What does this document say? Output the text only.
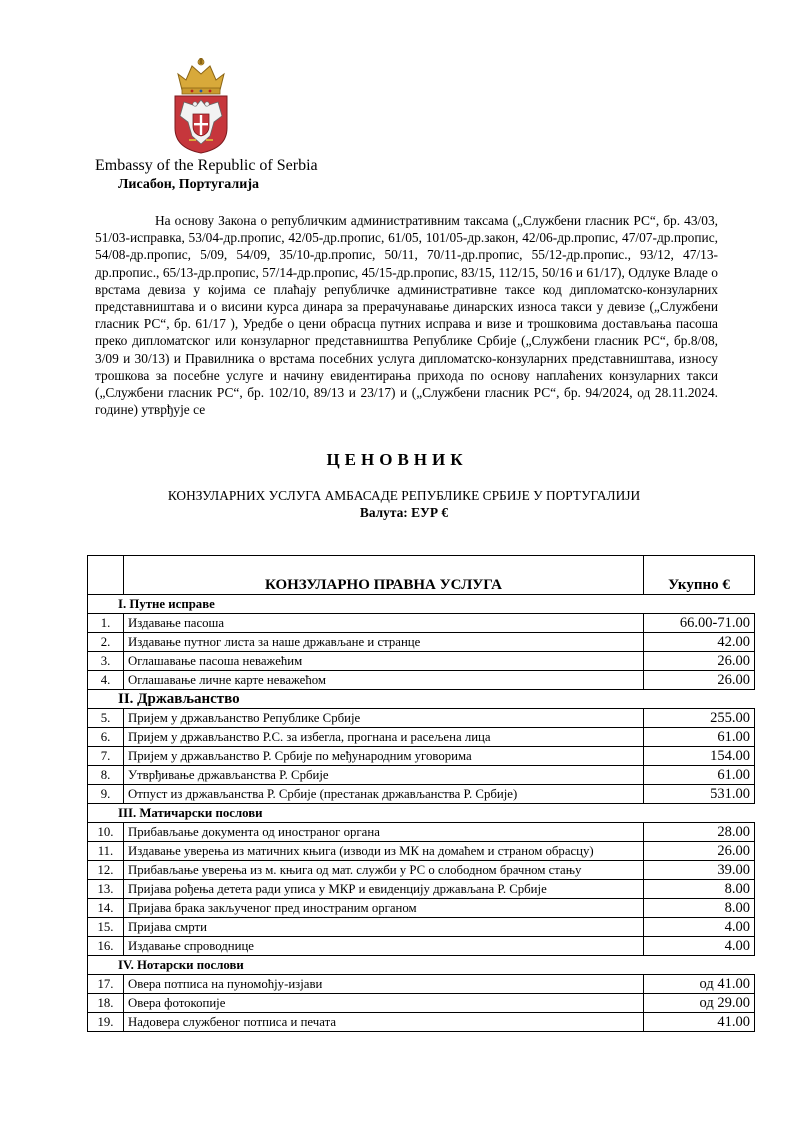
Embassy of the Republic of Serbia
Лисабон, Португалија
На основу Закона о републичким административним таксама („Службени гласник РС“, бр. 43/03, 51/03-исправка, 53/04-др.пропис, 42/05-др.пропис, 61/05, 101/05-др.закон, 42/06-др.пропис, 47/07-др.пропис, 54/08-др.пропис, 5/09, 54/09, 35/10-др.пропис, 50/11, 70/11-др.пропис, 55/12-др.пропис., 93/12, 47/13-др.пропис., 65/13-др.пропис, 57/14-др.пропис, 45/15-др.пропис, 83/15, 112/15, 50/16 и 61/17), Одлуке Владе о врстама девиза у којима се плаћају републичке административне таксе код дипломатско-конзуларних представништава и о висини курса динара за прерачунавање динарских износа такси у девизе („Службени гласник РС“, бр. 61/17 ), Уредбе о цени обрасца путних исправа и визе и трошковима достављања пасоша преко дипломатског или конзуларног представништва Републике Србије („Службени гласник РС“, бр.8/08, 3/09 и 30/13) и Правилника о врстама посебних услуга дипломатско-конзуларних представништава, износу трошкова за посебне услуге и начину евидентирања прихода по основу наплаћених конзуларних такси („Службени гласник РС“, бр. 102/10, 89/13 и 23/17) и („Службени гласник РС“, бр. 94/2024, од 28.11.2024. године) утврђује се
ЦЕНОВНИК
КОНЗУЛАРНИХ УСЛУГА АМБАСАДЕ РЕПУБЛИКЕ СРБИЈЕ У ПОРТУГАЛИЈИ
Валута: ЕУР €
	КОНЗУЛАРНО ПРАВНА УСЛУГА	Укупно €
I. Путне исправе		
1.	Издавање пасоша	66.00-71.00
2.	Издавање путног листа за наше држављане и странце	42.00
3.	Оглашавање пасоша неважећим	26.00
4.	Оглашавање личне карте неважећом	26.00
II. Држављанство		
5.	Пријем у држављанство Републике Србије	255.00
6.	Пријем у држављанство Р.С. за избегла, прогнана и расељена лица	61.00
7.	Пријем у држављанство Р. Србије по међународним уговорима	154.00
8.	Утврђивање држављанства Р. Србије	61.00
9.	Отпуст из држављанства Р. Србије (престанак држављанства Р. Србије)	531.00
III. Матичарски послови		
10.	Прибављање документа од иностраног органа	28.00
11.	Издавање уверења из матичних књига (изводи из МК на домаћем и страном обрасцу)	26.00
12.	Прибављање уверења из м. књига од мат. служби у РС о слободном брачном стању	39.00
13.	Пријава рођења детета ради уписа у МКР и евиденцију држављана Р. Србије	8.00
14.	Пријава брака закљученог пред иностраним органом	8.00
15.	Пријава смрти	4.00
16.	Издавање спроводнице	4.00
IV. Нотарски послови		
17.	Овера потписа на пуномоћју-изјави	од 41.00
18.	Овера фотокопије	од 29.00
19.	Надовера службеног потписа и печата	41.00
